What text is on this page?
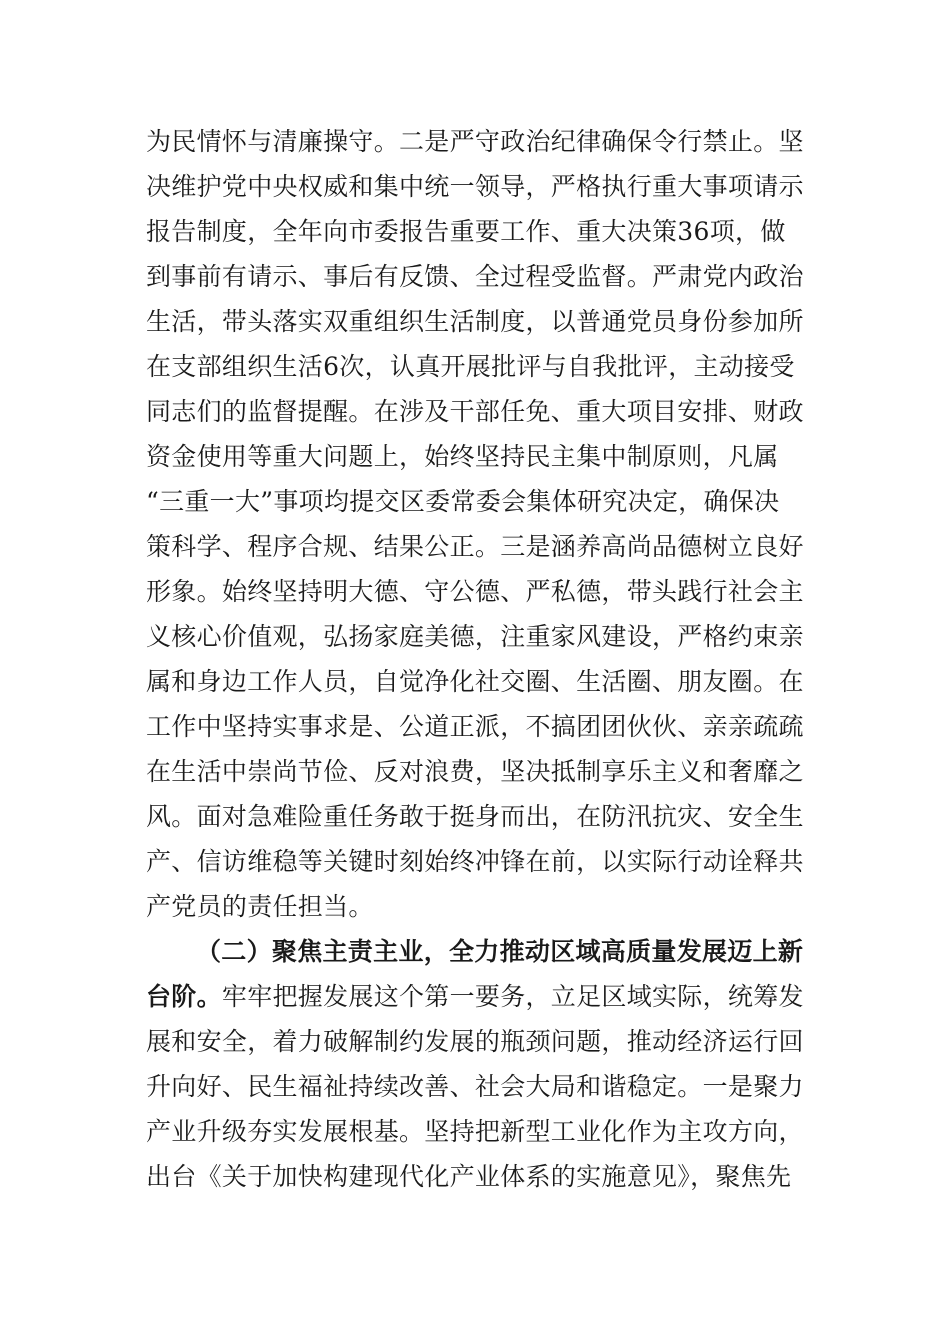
为民情怀与清廉操守。二是严守政治纪律确保令行禁止。坚
决维护党中央权威和集中统一领导，严格执行重大事项请示
报告制度，全年向市委报告重要工作、重大决策36项，做
到事前有请示、事后有反馈、全过程受监督。严肃党内政治
生活，带头落实双重组织生活制度，以普通党员身份参加所
在支部组织生活6次，认真开展批评与自我批评，主动接受
同志们的监督提醒。在涉及干部任免、重大项目安排、财政
资金使用等重大问题上，始终坚持民主集中制原则，凡属
“三重一大”事项均提交区委常委会集体研究决定，确保决
策科学、程序合规、结果公正。三是涵养高尚品德树立良好
形象。始终坚持明大德、守公德、严私德，带头践行社会主
义核心价值观，弘扬家庭美德，注重家风建设，严格约束亲
属和身边工作人员，自觉净化社交圈、生活圈、朋友圈。在
工作中坚持实事求是、公道正派，不搞团团伙伙、亲亲疏疏
在生活中崇尚节俭、反对浪费，坚决抵制享乐主义和奢靡之
风。面对急难险重任务敢于挺身而出，在防汛抗灾、安全生
产、信访维稳等关键时刻始终冲锋在前，以实际行动诠释共
产党员的责任担当。
（二）聚焦主责主业，全力推动区域高质量发展迈上新
台阶。牢牢把握发展这个第一要务，立足区域实际，统筹发
展和安全，着力破解制约发展的瓶颈问题，推动经济运行回
升向好、民生福祉持续改善、社会大局和谐稳定。一是聚力
产业升级夯实发展根基。坚持把新型工业化作为主攻方向，
出台《关于加快构建现代化产业体系的实施意见》，聚焦先
